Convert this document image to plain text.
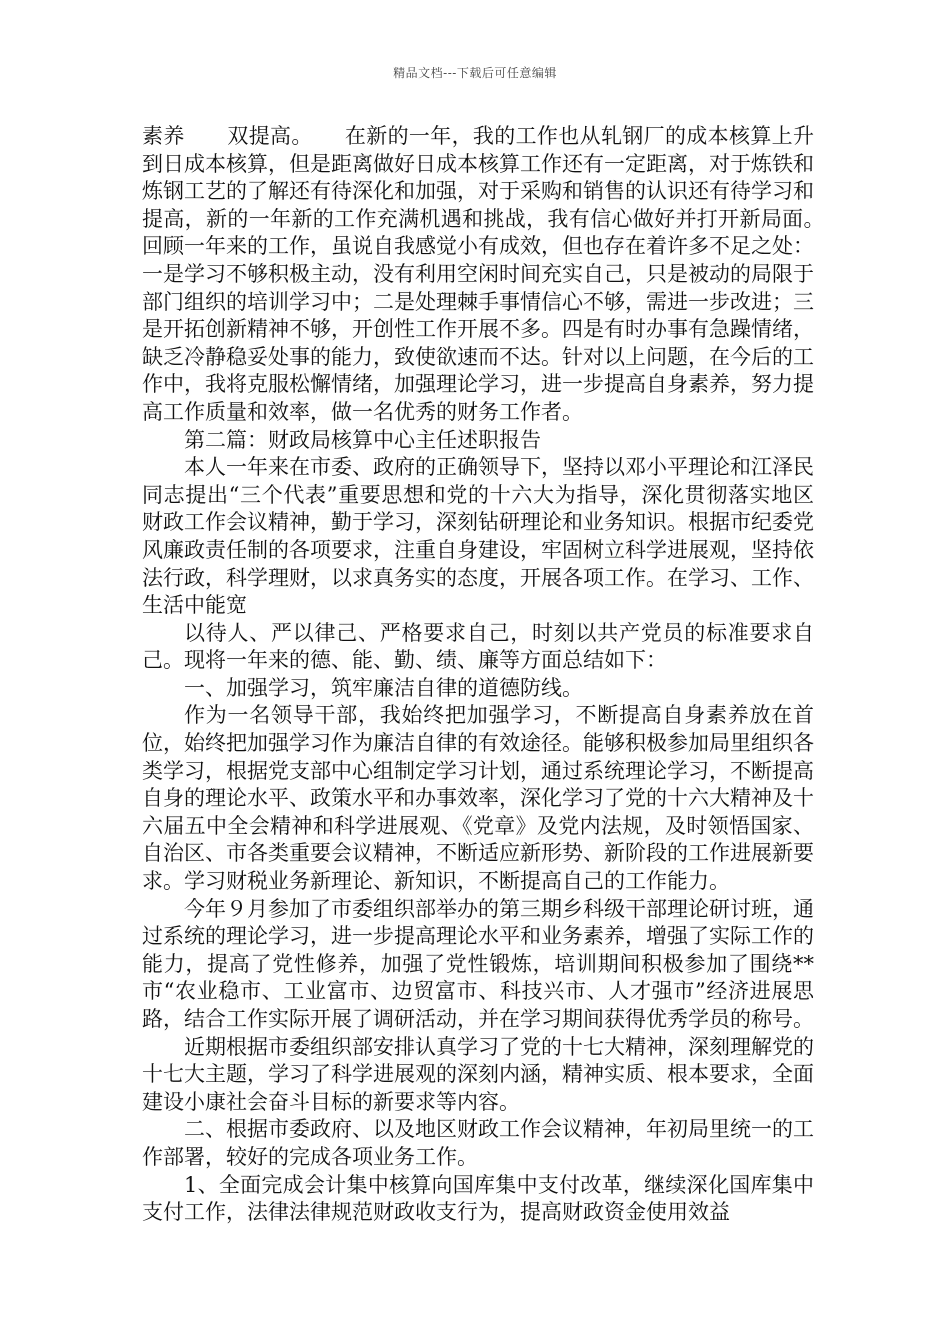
精品文档---下载后可任意编辑

素养　　双提高。　　在新的一年，我的工作也从轧钢厂的成本核算上升到日成本核算，但是距离做好日成本核算工作还有一定距离，对于炼铁和炼钢工艺的了解还有待深化和加强，对于采购和销售的认识还有待学习和提高，新的一年新的工作充满机遇和挑战，我有信心做好并打开新局面。　　回顾一年来的工作，虽说自我感觉小有成效，但也存在着许多不足之处：一是学习不够积极主动，没有利用空闲时间充实自己，只是被动的局限于部门组织的培训学习中；二是处理棘手事情信心不够，需进一步改进；三是开拓创新精神不够，开创性工作开展不多。四是有时办事有急躁情绪，缺乏冷静稳妥处事的能力，致使欲速而不达。针对以上问题，在今后的工作中，我将克服松懈情绪，加强理论学习，进一步提高自身素养，努力提高工作质量和效率，做一名优秀的财务工作者。

第二篇：财政局核算中心主任述职报告

本人一年来在市委、政府的正确领导下，坚持以邓小平理论和江泽民同志提出“三个代表”重要思想和党的十六大为指导，深化贯彻落实地区财政工作会议精神，勤于学习，深刻钻研理论和业务知识。根据市纪委党风廉政责任制的各项要求，注重自身建设，牢固树立科学进展观，坚持依法行政，科学理财，以求真务实的态度，开展各项工作。在学习、工作、生活中能宽

以待人、严以律己、严格要求自己，时刻以共产党员的标准要求自己。现将一年来的德、能、勤、绩、廉等方面总结如下：

一、加强学习，筑牢廉洁自律的道德防线。

作为一名领导干部，我始终把加强学习，不断提高自身素养放在首位，始终把加强学习作为廉洁自律的有效途径。能够积极参加局里组织各类学习，根据党支部中心组制定学习计划，通过系统理论学习，不断提高自身的理论水平、政策水平和办事效率，深化学习了党的十六大精神及十六届五中全会精神和科学进展观、《党章》及党内法规，及时领悟国家、自治区、市各类重要会议精神，不断适应新形势、新阶段的工作进展新要求。学习财税业务新理论、新知识，不断提高自己的工作能力。

今年９月参加了市委组织部举办的第三期乡科级干部理论研讨班，通过系统的理论学习，进一步提高理论水平和业务素养，增强了实际工作的能力，提高了党性修养，加强了党性锻炼，培训期间积极参加了围绕**市“农业稳市、工业富市、边贸富市、科技兴市、人才强市”经济进展思路，结合工作实际开展了调研活动，并在学习期间获得优秀学员的称号。

近期根据市委组织部安排认真学习了党的十七大精神，深刻理解党的十七大主题，学习了科学进展观的深刻内涵，精神实质、根本要求，全面建设小康社会奋斗目标的新要求等内容。

二、根据市委政府、以及地区财政工作会议精神，年初局里统一的工作部署，较好的完成各项业务工作。

1、全面完成会计集中核算向国库集中支付改革，继续深化国库集中支付工作，法律法律规范财政收支行为，提高财政资金使用效益
